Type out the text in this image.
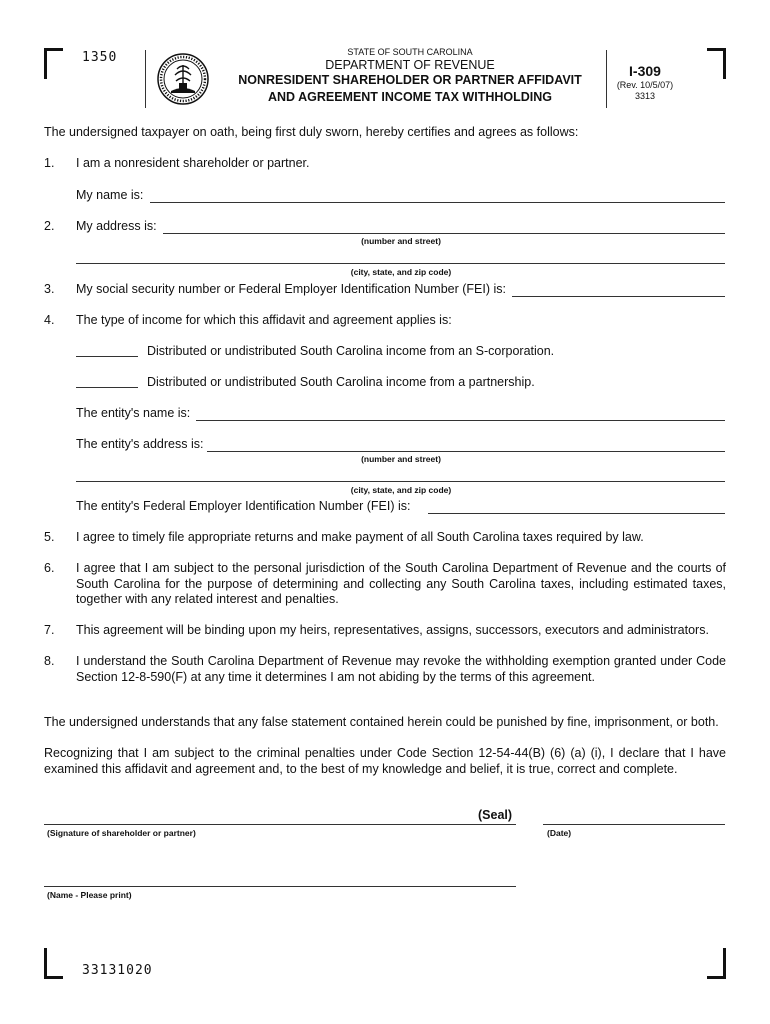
1350	STATE OF SOUTH CAROLINA
DEPARTMENT OF REVENUE
NONRESIDENT SHAREHOLDER OR PARTNER AFFIDAVIT
AND AGREEMENT INCOME TAX WITHHOLDING
I-309
(Rev. 10/5/07)
3313
The undersigned taxpayer on oath, being first duly sworn, hereby certifies and agrees as follows:
1. I am a nonresident shareholder or partner.
My name is:
2. My address is:
(number and street)
(city, state, and zip code)
3. My social security number or Federal Employer Identification Number (FEI) is:
4. The type of income for which this affidavit and agreement applies is:
Distributed or undistributed South Carolina income from an S-corporation.
Distributed or undistributed South Carolina income from a partnership.
The entity's name is:
The entity's address is:
(number and street)
(city, state, and zip code)
The entity's Federal Employer Identification Number (FEI) is:
5. I agree to timely file appropriate returns and make payment of all South Carolina taxes required by law.
6. I agree that I am subject to the personal jurisdiction of the South Carolina Department of Revenue and the courts of South Carolina for the purpose of determining and collecting any South Carolina taxes, including estimated taxes, together with any related interest and penalties.
7. This agreement will be binding upon my heirs, representatives, assigns, successors, executors and administrators.
8. I understand the South Carolina Department of Revenue may revoke the withholding exemption granted under Code Section 12-8-590(F) at any time it determines I am not abiding by the terms of this agreement.
The undersigned understands that any false statement contained herein could be punished by fine, imprisonment, or both.
Recognizing that I am subject to the criminal penalties under Code Section 12-54-44(B) (6) (a) (i), I declare that I have examined this affidavit and agreement and, to the best of my knowledge and belief, it is true, correct and complete.
(Seal)
(Signature of shareholder or partner)	(Date)
(Name - Please print)
33131020
